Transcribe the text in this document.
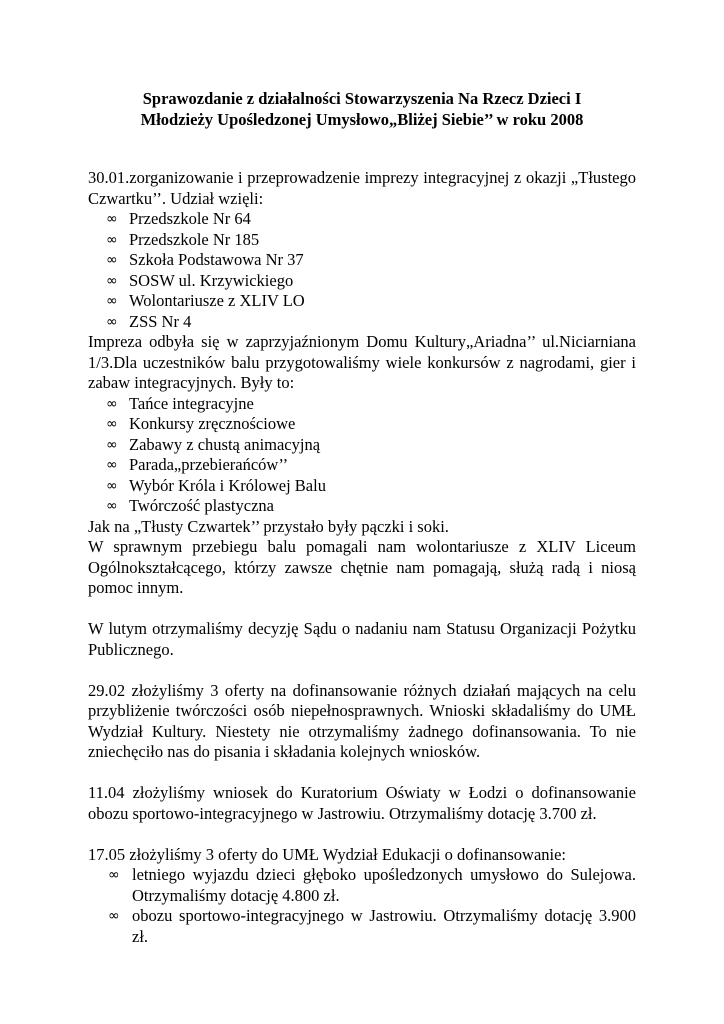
Sprawozdanie z działalności Stowarzyszenia Na Rzecz Dzieci I
Młodzieży Upośledzonej Umysłowo„Bliżej Siebie’’ w roku 2008

30.01.zorganizowanie i przeprowadzenie imprezy integracyjnej z okazji „Tłustego Czwartku’’. Udział wzięli:

∞ Przedszkole Nr 64
∞ Przedszkole Nr 185
∞ Szkoła Podstawowa Nr 37
∞ SOSW ul. Krzywickiego
∞ Wolontariusze z XLIV LO
∞ ZSS Nr 4

Impreza odbyła się w zaprzyjaźnionym Domu Kultury„Ariadna’’ ul.Niciarniana 1/3.Dla uczestników balu przygotowaliśmy wiele konkursów z nagrodami, gier i zabaw integracyjnych. Były to:

∞ Tańce integracyjne
∞ Konkursy zręcznościowe
∞ Zabawy z chustą animacyjną
∞ Parada„przebierańców’’
∞ Wybór Króla i Królowej Balu
∞ Twórczość plastyczna

Jak na „Tłusty Czwartek’’ przystało były pączki i soki.

W sprawnym przebiegu balu pomagali nam wolontariusze z XLIV Liceum Ogólnokształcącego, którzy zawsze chętnie nam pomagają, służą radą i niosą pomoc innym.

W lutym otrzymaliśmy decyzję Sądu o nadaniu nam Statusu Organizacji Pożytku Publicznego.

29.02 złożyliśmy 3 oferty na dofinansowanie różnych działań mających na celu przybliżenie twórczości osób niepełnosprawnych. Wnioski składaliśmy do UMŁ Wydział Kultury. Niestety nie otrzymaliśmy żadnego dofinansowania. To nie zniechęciło nas do pisania i składania kolejnych wniosków.

11.04 złożyliśmy wniosek do Kuratorium Oświaty w Łodzi o dofinansowanie obozu sportowo-integracyjnego w Jastrowiu. Otrzymaliśmy dotację 3.700 zł.

17.05 złożyliśmy 3 oferty do UMŁ Wydział Edukacji o dofinansowanie:

∞ letniego wyjazdu dzieci głęboko upośledzonych umysłowo do Sulejowa. Otrzymaliśmy dotację 4.800 zł.
∞ obozu sportowo-integracyjnego w Jastrowiu. Otrzymaliśmy dotację 3.900 zł.
